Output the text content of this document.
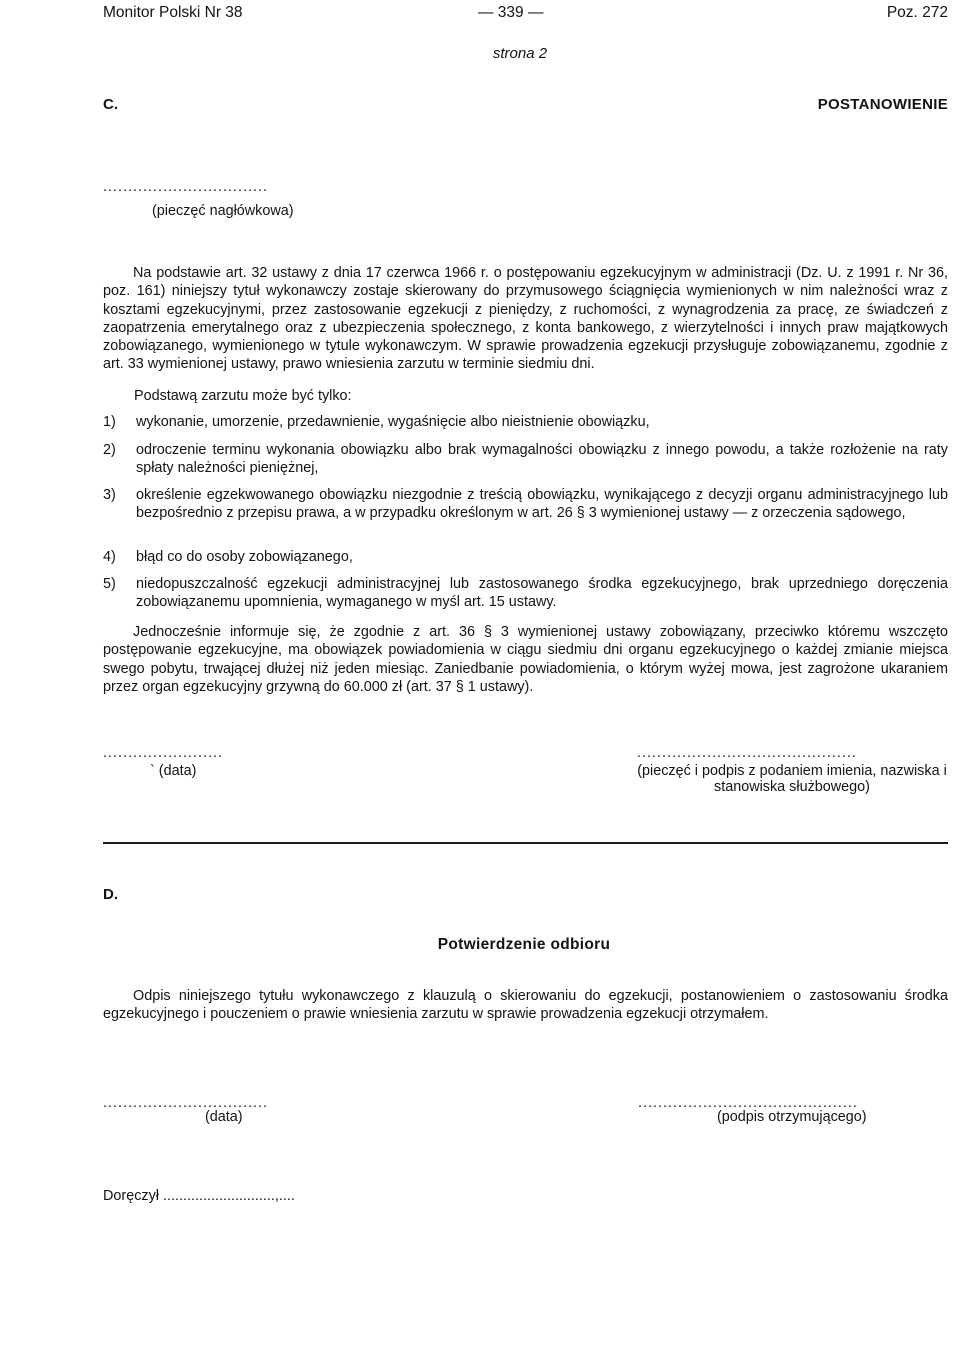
Monitor Polski Nr 38	— 339 —	Poz. 272
strona 2
C.	POSTANOWIENIE
.................................
(pieczęć nagłówkowa)
Na podstawie art. 32 ustawy z dnia 17 czerwca 1966 r. o postępowaniu egzekucyjnym w administracji (Dz. U. z 1991 r. Nr 36, poz. 161) niniejszy tytuł wykonawczy zostaje skierowany do przymusowego ściągnięcia wymienionych w nim należności wraz z kosztami egzekucyjnymi, przez zastosowanie egzekucji z pieniędzy, z ruchomości, z wynagrodzenia za pracę, ze świadczeń z zaopatrzenia emerytalnego oraz z ubezpieczenia społecznego, z konta bankowego, z wierzytelności i innych praw majątkowych zobowiązanego, wymienionego w tytule wykonawczym. W sprawie prowadzenia egzekucji przysługuje zobowiązanemu, zgodnie z art. 33 wymienionej ustawy, prawo wniesienia zarzutu w terminie siedmiu dni.
Podstawą zarzutu może być tylko:
1) wykonanie, umorzenie, przedawnienie, wygaśnięcie albo nieistnienie obowiązku,
2) odroczenie terminu wykonania obowiązku albo brak wymagalności obowiązku z innego powodu, a także rozłożenie na raty spłaty należności pieniężnej,
3) określenie egzekwowanego obowiązku niezgodnie z treścią obowiązku, wynikającego z decyzji organu administracyjnego lub bezpośrednio z przepisu prawa, a w przypadku określonym w art. 26 § 3 wymienionej ustawy — z orzeczenia sądowego,
4) błąd co do osoby zobowiązanego,
5) niedopuszczalność egzekucji administracyjnej lub zastosowanego środka egzekucyjnego, brak uprzedniego doręczenia zobowiązanemu upomnienia, wymaganego w myśl art. 15 ustawy.
Jednocześnie informuje się, że zgodnie z art. 36 § 3 wymienionej ustawy zobowiązany, przeciwko któremu wszczęto postępowanie egzekucyjne, ma obowiązek powiadomienia w ciągu siedmiu dni organu egzekucyjnego o każdej zmianie miejsca swego pobytu, trwającej dłużej niż jeden miesiąc. Zaniedbanie powiadomienia, o którym wyżej mowa, jest zagrożone ukaraniem przez organ egzekucyjny grzywną do 60.000 zł (art. 37 § 1 ustawy).
........................
` (data)
............................................
(pieczęć i podpis z podaniem imienia, nazwiska i stanowiska służbowego)
D.
Potwierdzenie odbioru
Odpis niniejszego tytułu wykonawczego z klauzulą o skierowaniu do egzekucji, postanowieniem o zastosowaniu środka egzekucyjnego i pouczeniem o prawie wniesienia zarzutu w sprawie prowadzenia egzekucji otrzymałem.
.................................
(data)
............................................
(podpis otrzymującego)
Doręczył ............................,....
